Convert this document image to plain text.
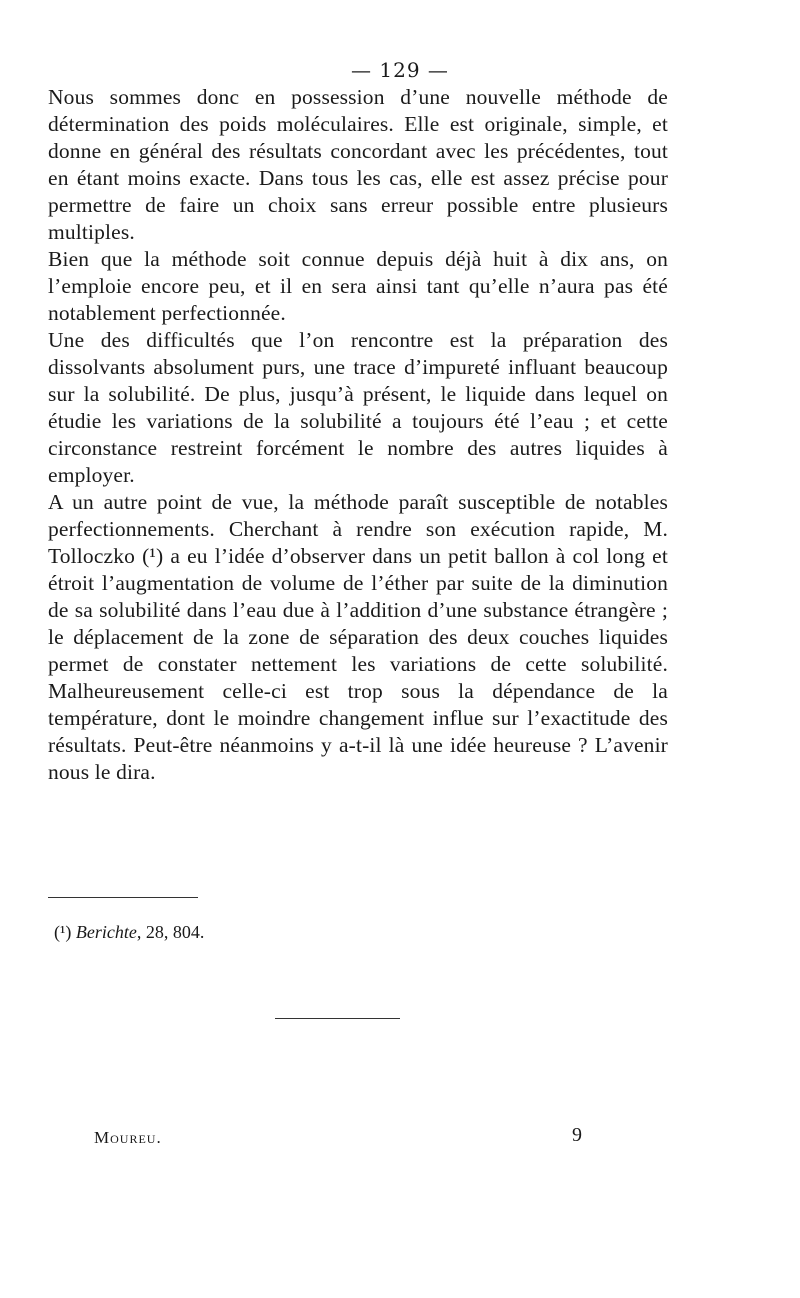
— 129 —

Nous sommes donc en possession d’une nouvelle méthode de détermination des poids moléculaires. Elle est originale, simple, et donne en général des résultats concordant avec les précédentes, tout en étant moins exacte. Dans tous les cas, elle est assez précise pour permettre de faire un choix sans erreur possible entre plusieurs multiples.

Bien que la méthode soit connue depuis déjà huit à dix ans, on l’emploie encore peu, et il en sera ainsi tant qu’elle n’aura pas été notablement perfectionnée.

Une des difficultés que l’on rencontre est la préparation des dissolvants absolument purs, une trace d’impureté influant beaucoup sur la solubilité. De plus, jusqu’à présent, le liquide dans lequel on étudie les variations de la solubilité a toujours été l’eau ; et cette circonstance restreint forcément le nombre des autres liquides à employer.

A un autre point de vue, la méthode paraît susceptible de notables perfectionnements. Cherchant à rendre son exécution rapide, M. Tolloczko (¹) a eu l’idée d’observer dans un petit ballon à col long et étroit l’augmentation de volume de l’éther par suite de la diminution de sa solubilité dans l’eau due à l’addition d’une substance étrangère ; le déplacement de la zone de séparation des deux couches liquides permet de constater nettement les variations de cette solubilité. Malheureusement celle-ci est trop sous la dépendance de la température, dont le moindre changement influe sur l’exactitude des résultats. Peut-être néanmoins y a-t-il là une idée heureuse ? L’avenir nous le dira.

(¹) Berichte, 28, 804.
Moureu.	9
